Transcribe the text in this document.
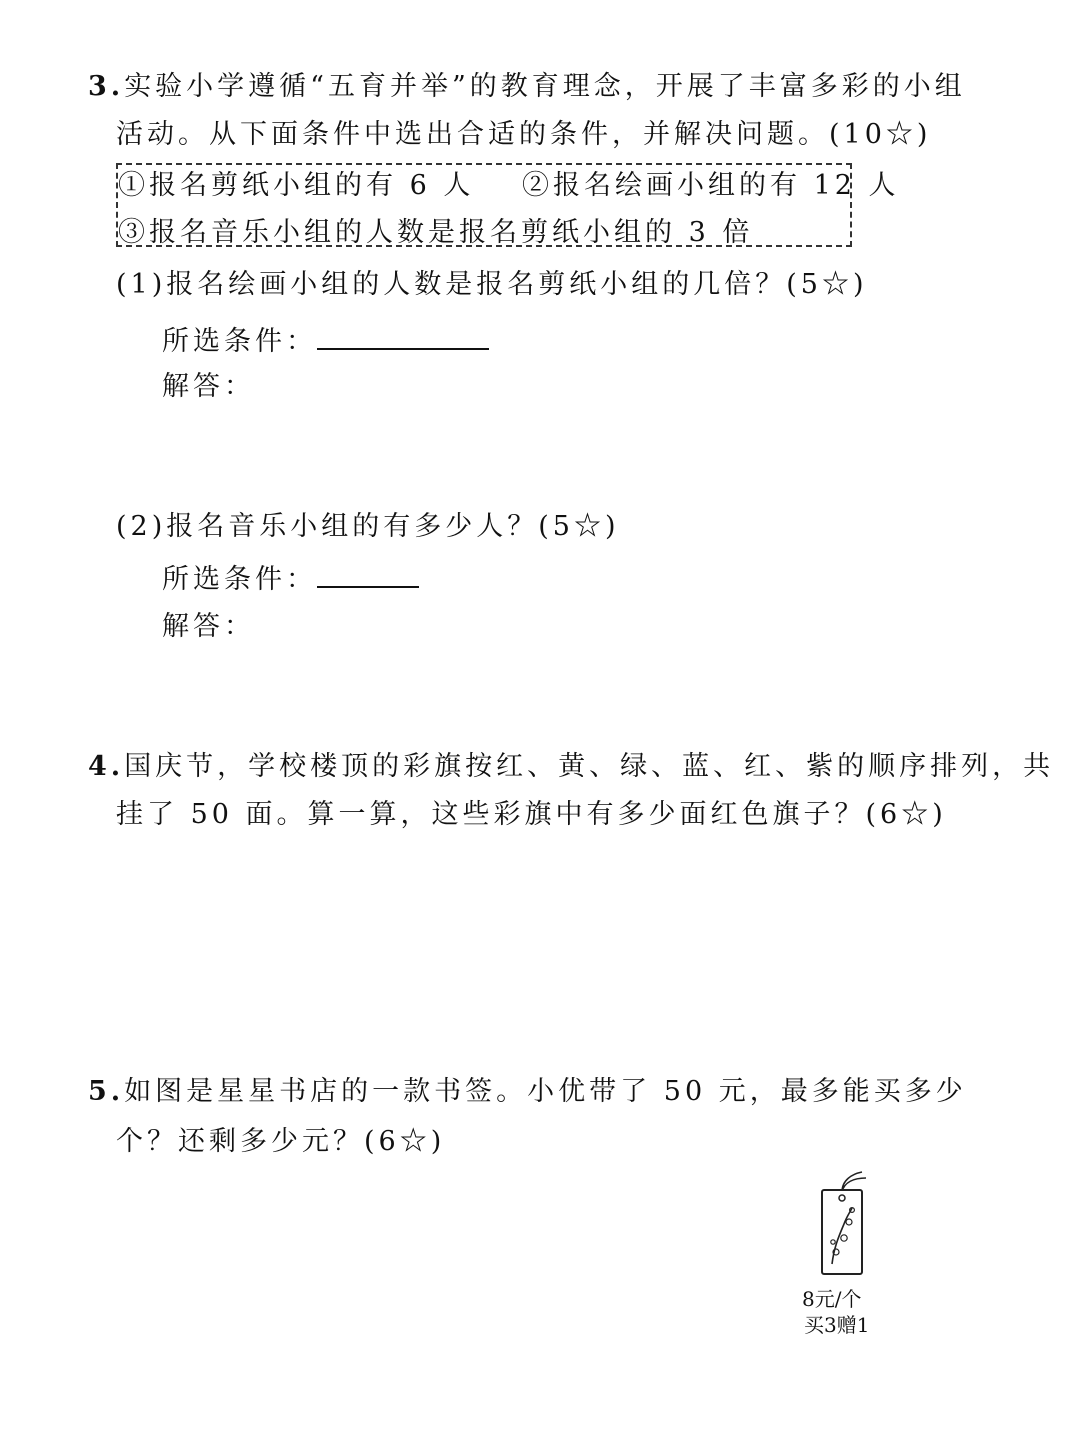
3.实验小学遵循“五育并举”的教育理念，开展了丰富多彩的小组
活动。从下面条件中选出合适的条件，并解决问题。(10☆)
①报名剪纸小组的有 6 人 ②报名绘画小组的有 12 人
③报名音乐小组的人数是报名剪纸小组的 3 倍
(1)报名绘画小组的人数是报名剪纸小组的几倍？(5☆)
所选条件：
解答：
(2)报名音乐小组的有多少人？(5☆)
所选条件：
解答：
4.国庆节，学校楼顶的彩旗按红、黄、绿、蓝、红、紫的顺序排列，共
挂了 50 面。算一算，这些彩旗中有多少面红色旗子？(6☆)
5.如图是星星书店的一款书签。小优带了 50 元，最多能买多少
个？还剩多少元？(6☆)
8元/个
买3赠1
